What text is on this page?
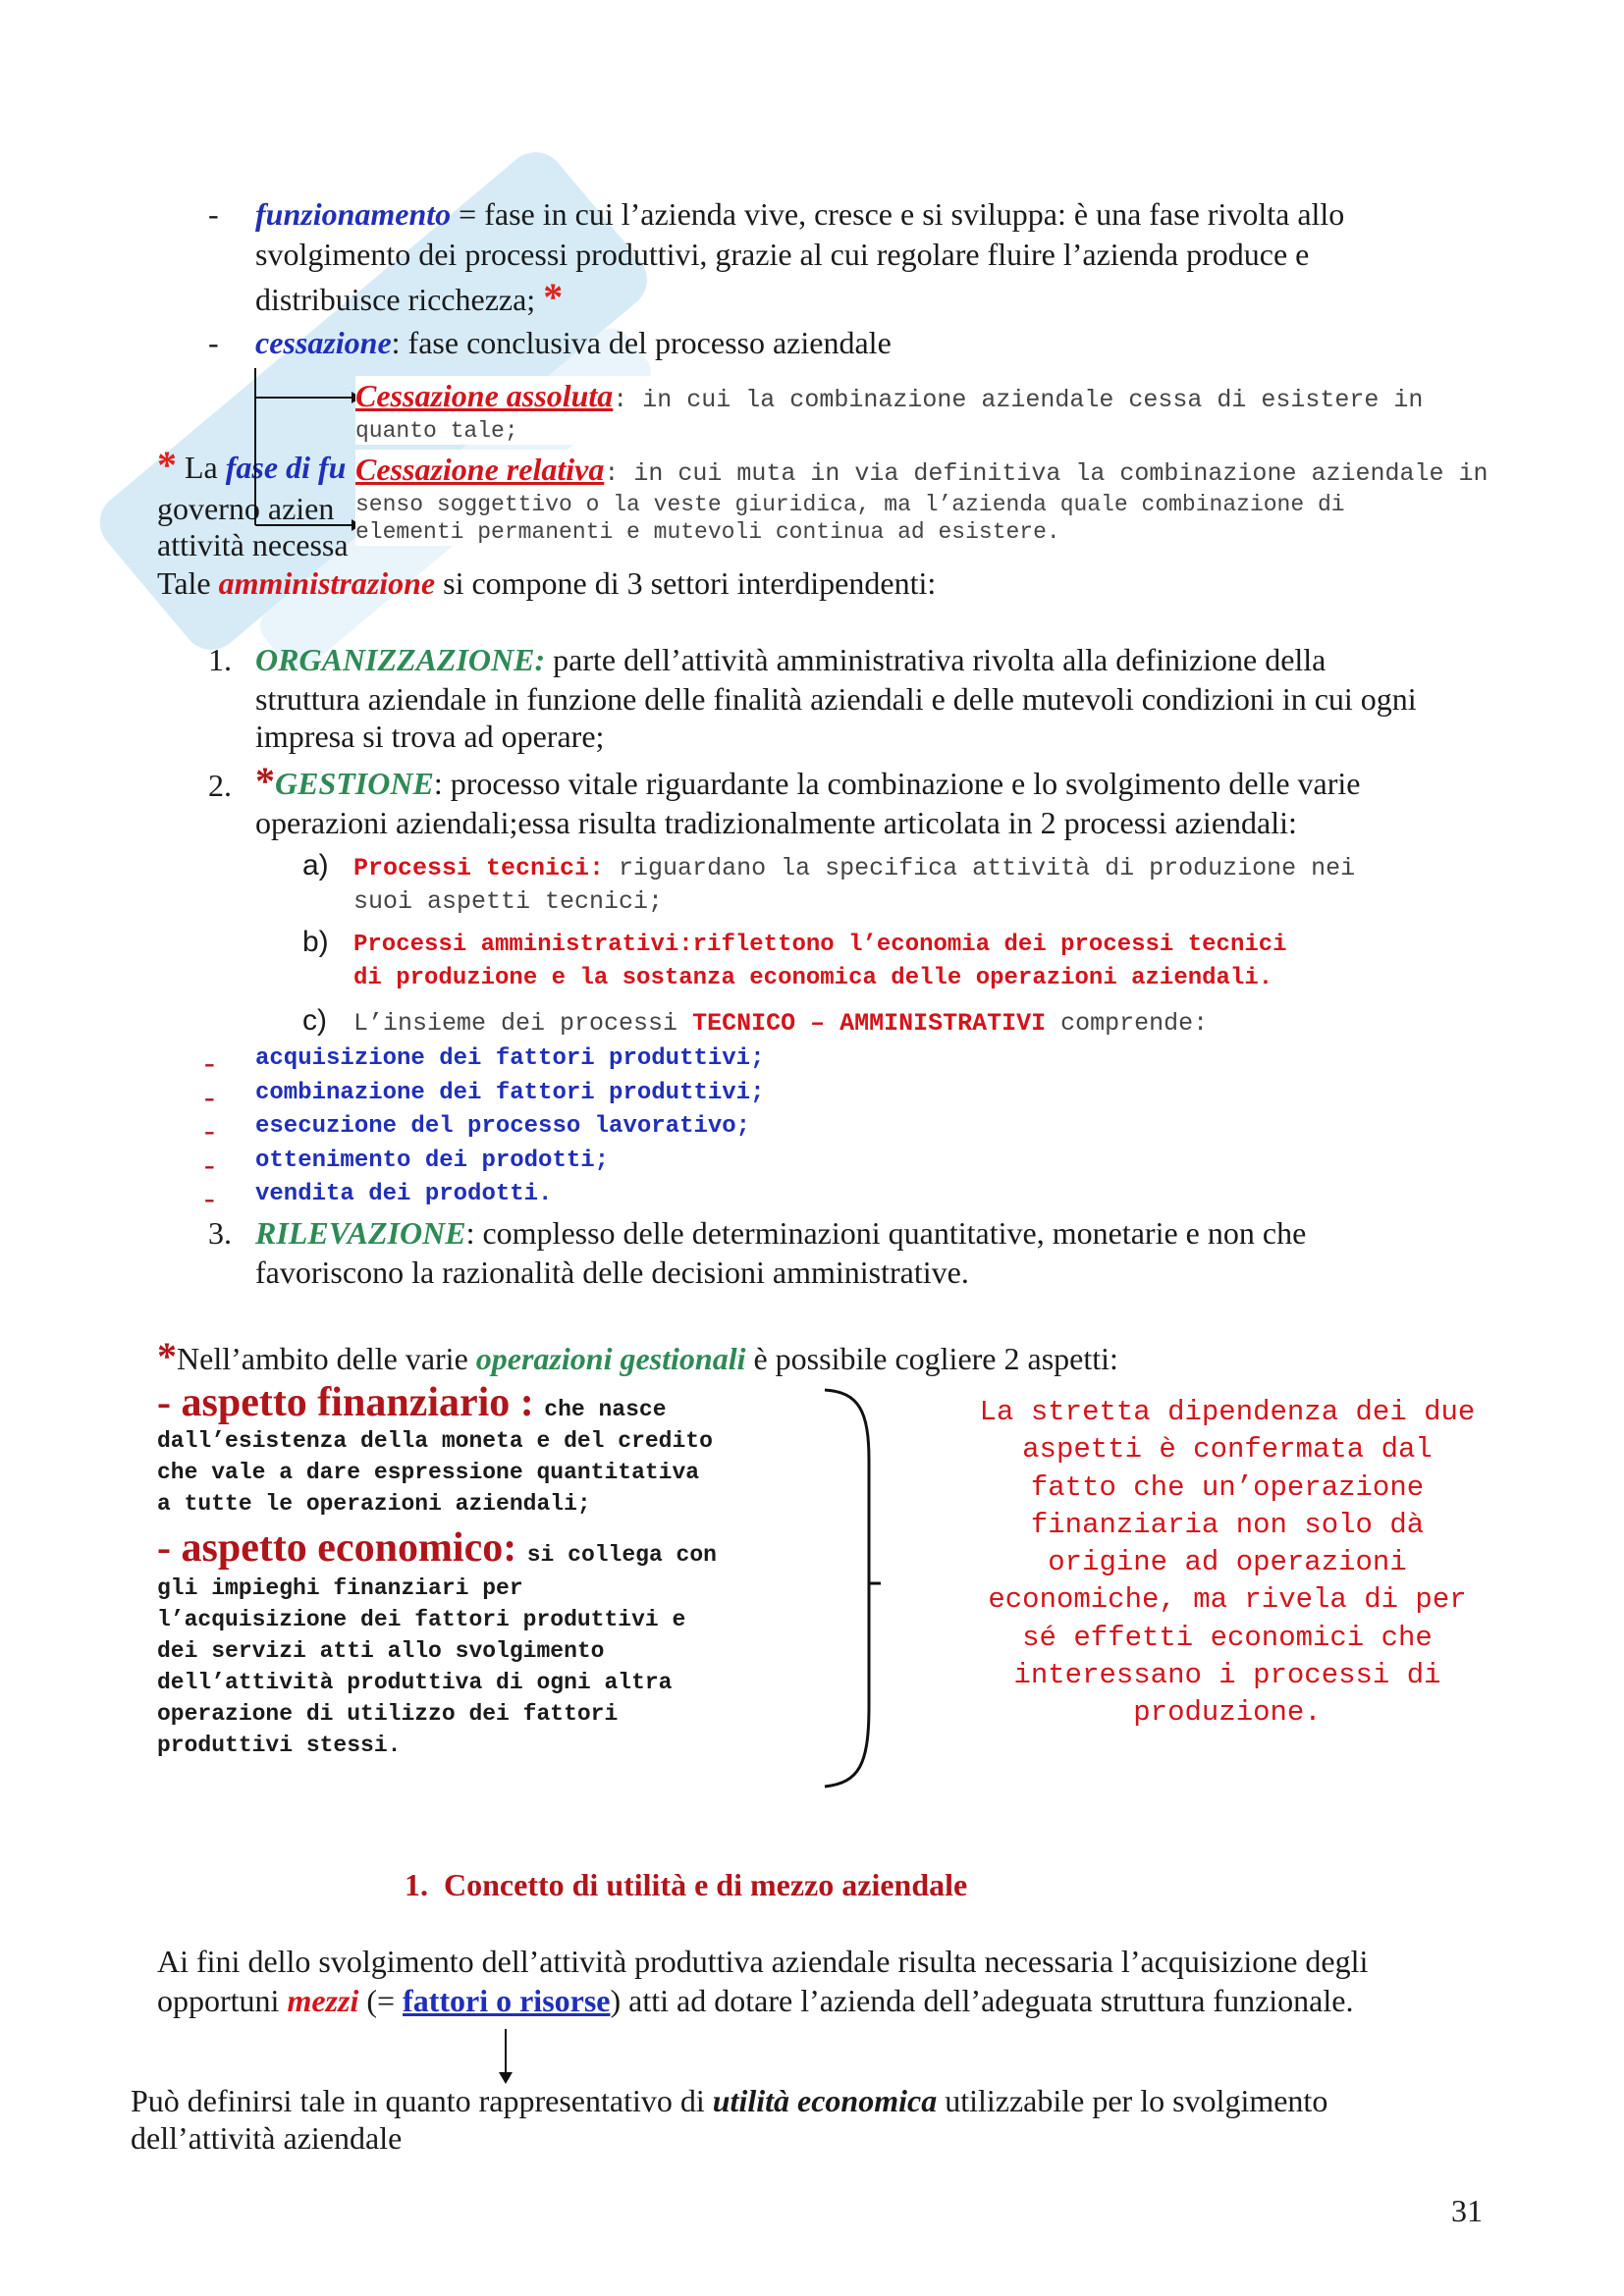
- funzionamento = fase in cui l’azienda vive, cresce e si sviluppa: è una fase rivolta allo
svolgimento dei processi produttivi, grazie al cui regolare fluire l’azienda produce e
distribuisce ricchezza; *
- cessazione: fase conclusiva del processo aziendale
* La fase di fu
governo azien
attività necessa
Cessazione assoluta: in cui la combinazione aziendale cessa di esistere in
quanto tale;
Cessazione relativa: in cui muta in via definitiva la combinazione aziendale in
senso soggettivo o la veste giuridica, ma l’azienda quale combinazione di
elementi permanenti e mutevoli continua ad esistere.
Tale amministrazione si compone di 3 settori interdipendenti:
1. ORGANIZZAZIONE: parte dell’attività amministrativa rivolta alla definizione della
struttura aziendale in funzione delle finalità aziendali e delle mutevoli condizioni in cui ogni
impresa si trova ad operare;
2. *GESTIONE: processo vitale riguardante la combinazione e lo svolgimento delle varie
operazioni aziendali;essa risulta tradizionalmente articolata in 2 processi aziendali:
a) Processi tecnici: riguardano la specifica attività di produzione nei
suoi aspetti tecnici;
b) Processi amministrativi:riflettono l’economia dei processi tecnici
di produzione e la sostanza economica delle operazioni aziendali.
c) L’insieme dei processi TECNICO – AMMINISTRATIVI comprende:
-	acquisizione dei fattori produttivi;
-	combinazione dei fattori produttivi;
-	esecuzione del processo lavorativo;
-	ottenimento dei prodotti;
-	vendita dei prodotti.
3. RILEVAZIONE: complesso delle determinazioni quantitative, monetarie e non che
favoriscono la razionalità delle decisioni amministrative.
*Nell’ambito delle varie operazioni gestionali è possibile cogliere 2 aspetti:
- aspetto finanziario : che nasce
dall’esistenza della moneta e del credito
che vale a dare espressione quantitativa
a tutte le operazioni aziendali;
- aspetto economico: si collega con
gli impieghi finanziari per
l’acquisizione dei fattori produttivi e
dei servizi atti allo svolgimento
dell’attività produttiva di ogni altra
operazione di utilizzo dei fattori
produttivi stessi.
La stretta dipendenza dei due
aspetti è confermata dal
fatto che un’operazione
finanziaria non solo dà
origine ad operazioni
economiche, ma rivela di per
sé effetti economici che
interessano i processi di
produzione.
1. Concetto di utilità e di mezzo aziendale
Ai fini dello svolgimento dell’attività produttiva aziendale risulta necessaria l’acquisizione degli
opportuni mezzi (= fattori o risorse) atti ad dotare l’azienda dell’adeguata struttura funzionale.
Può definirsi tale in quanto rappresentativo di utilità economica utilizzabile per lo svolgimento
dell’attività aziendale
31
